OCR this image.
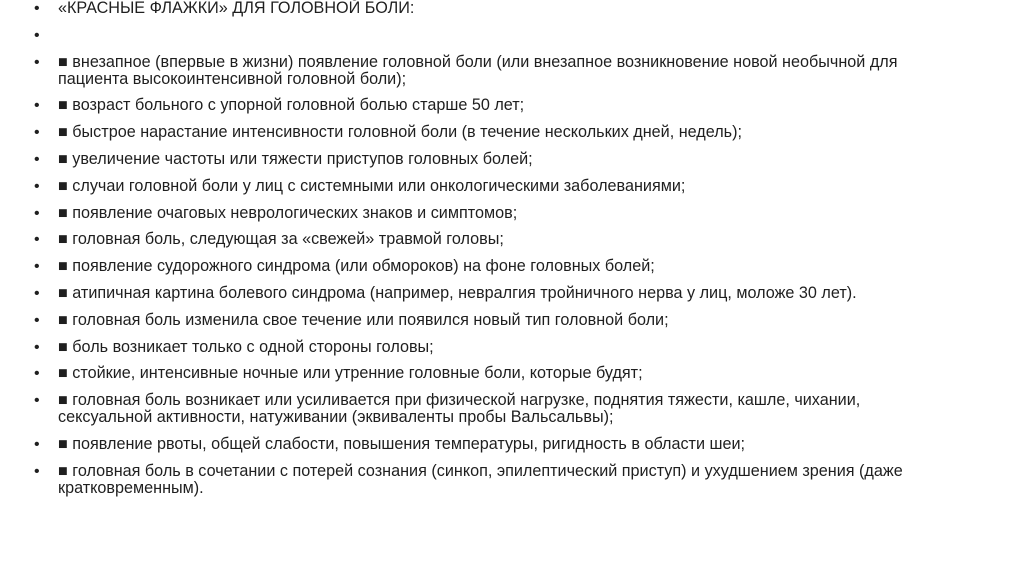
• «КРАСНЫЕ ФЛАЖКИ» ДЛЯ ГОЛОВНОЙ БОЛИ:
•
• ■ внезапное (впервые в жизни) появление головной боли (или внезапное возникновение новой необычной для пациента высокоинтенсивной головной боли);
• ■ возраст больного с упорной головной болью старше 50 лет;
• ■ быстрое нарастание интенсивности головной боли (в течение нескольких дней, недель);
• ■ увеличение частоты или тяжести приступов головных болей;
• ■ случаи головной боли у лиц с системными или онкологическими заболеваниями;
• ■ появление очаговых неврологических знаков и симптомов;
• ■ головная боль, следующая за «свежей» травмой головы;
• ■ появление судорожного синдрома (или обмороков) на фоне головных болей;
• ■ атипичная картина болевого синдрома (например, невралгия тройничного нерва у лиц, моложе 30 лет).
• ■ головная боль изменила свое течение или появился новый тип головной боли;
• ■ боль возникает только с одной стороны головы;
• ■ стойкие, интенсивные ночные или утренние головные боли, которые будят;
• ■ головная боль возникает или усиливается при физической нагрузке, поднятия тяжести, кашле, чихании, сексуальной активности, натуживании (эквиваленты пробы Вальсальвы);
• ■ появление рвоты, общей слабости, повышения температуры, ригидность в области шеи;
• ■ головная боль в сочетании с потерей сознания (синкоп, эпилептический приступ) и ухудшением зрения (даже кратковременным).
